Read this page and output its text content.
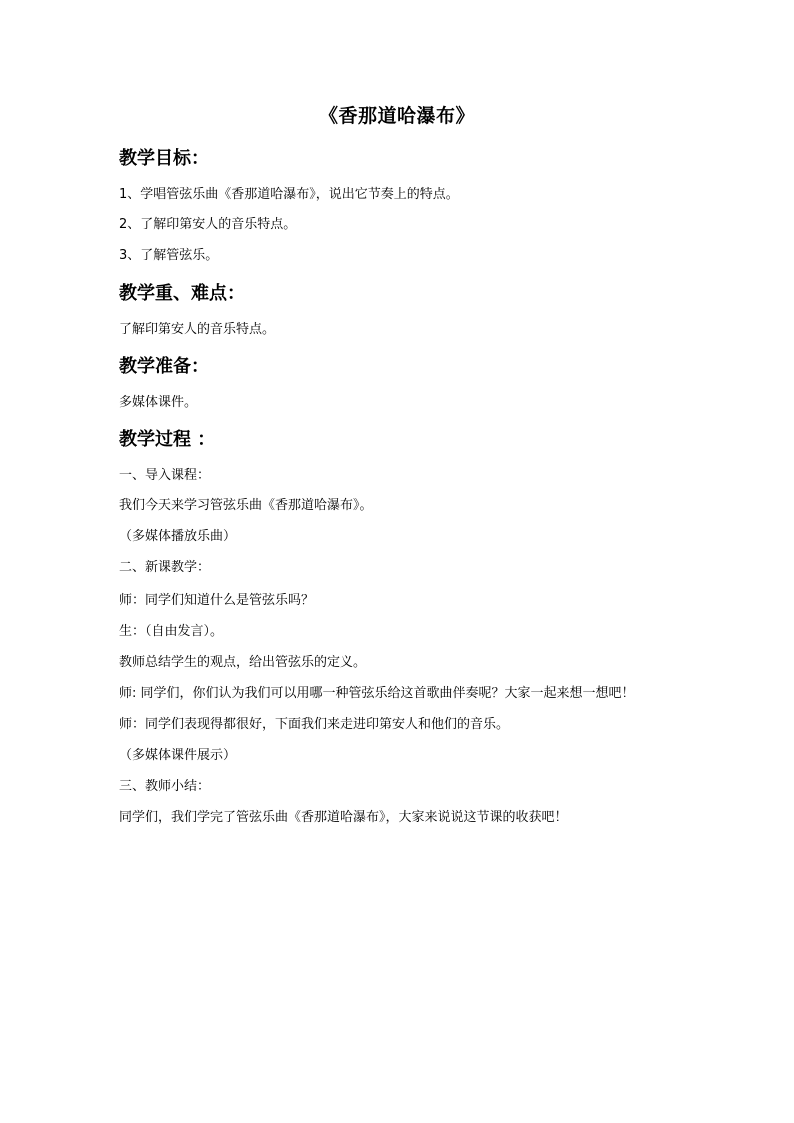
《香那道哈瀑布》
教学目标：
1、学唱管弦乐曲《香那道哈瀑布》，说出它节奏上的特点。
2、了解印第安人的音乐特点。
3、了解管弦乐。
教学重、难点：
了解印第安人的音乐特点。
教学准备：
多媒体课件。
教学过程 ：
一、导入课程：
我们今天来学习管弦乐曲《香那道哈瀑布》。
（多媒体播放乐曲）
二、新课教学：
师：同学们知道什么是管弦乐吗？
生：（自由发言）。
教师总结学生的观点，给出管弦乐的定义。
师: 同学们，你们认为我们可以用哪一种管弦乐给这首歌曲伴奏呢？大家一起来想一想吧！
师：同学们表现得都很好，下面我们来走进印第安人和他们的音乐。
（多媒体课件展示）
三、教师小结：
同学们，我们学完了管弦乐曲《香那道哈瀑布》，大家来说说这节课的收获吧！
